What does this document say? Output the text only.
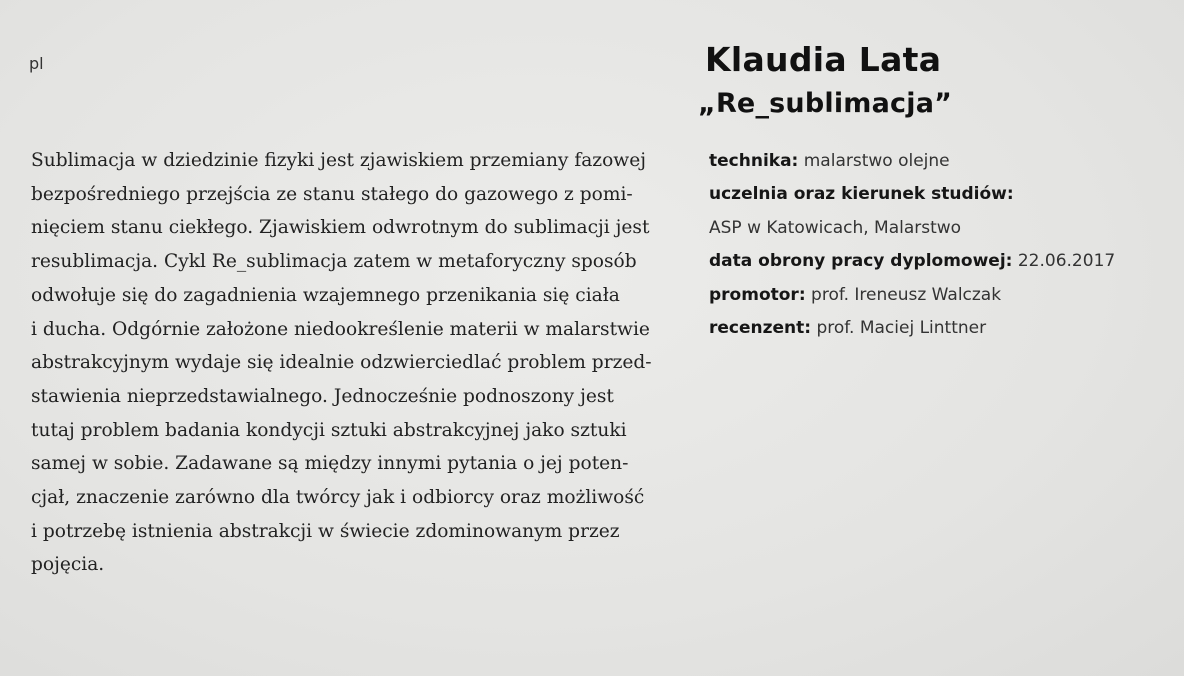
pl	Klaudia Lata
„Re_sublimacja”
Sublimacja w dziedzinie fizyki jest zjawiskiem przemiany fazowej
bezpośredniego przejścia ze stanu stałego do gazowego z pomi-
nięciem stanu ciekłego. Zjawiskiem odwrotnym do sublimacji jest
resublimacja. Cykl Re_sublimacja zatem w metaforyczny sposób
odwołuje się do zagadnienia wzajemnego przenikania się ciała
i ducha. Odgórnie założone niedookreślenie materii w malarstwie
abstrakcyjnym wydaje się idealnie odzwierciedlać problem przed-
stawienia nieprzedstawialnego. Jednocześnie podnoszony jest
tutaj problem badania kondycji sztuki abstrakcyjnej jako sztuki
samej w sobie. Zadawane są między innymi pytania o jej poten-
cjał, znaczenie zarówno dla twórcy jak i odbiorcy oraz możliwość
i potrzebę istnienia abstrakcji w świecie zdominowanym przez
pojęcia.
technika: malarstwo olejne
uczelnia oraz kierunek studiów:
ASP w Katowicach, Malarstwo
data obrony pracy dyplomowej: 22.06.2017
promotor: prof. Ireneusz Walczak
recenzent: prof. Maciej Linttner
